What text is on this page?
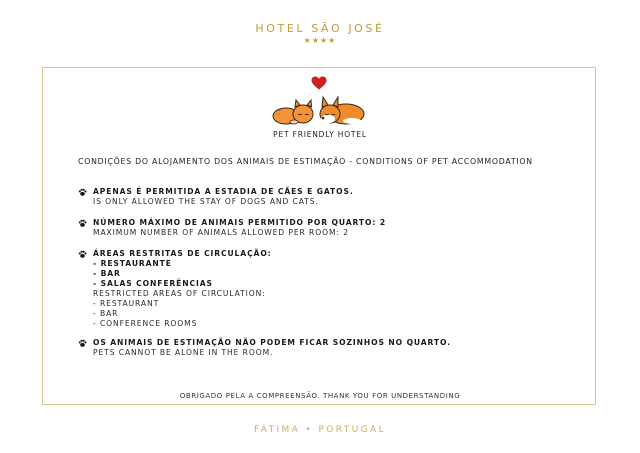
HOTEL SÃO JOSÉ
★★★★
PET FRIENDLY HOTEL
CONDIÇÕES DO ALOJAMENTO DOS ANIMAIS DE ESTIMAÇÃO - CONDITIONS OF PET ACCOMMODATION
APENAS É PERMITIDA A ESTADIA DE CÃES E GATOS.
IS ONLY ALLOWED THE STAY OF DOGS AND CATS.
NÚMERO MÁXIMO DE ANIMAIS PERMITIDO POR QUARTO: 2
MAXIMUM NUMBER OF ANIMALS ALLOWED PER ROOM: 2
ÁREAS RESTRITAS DE CIRCULAÇÃO:
- RESTAURANTE
- BAR
- SALAS CONFERÊNCIAS
RESTRICTED AREAS OF CIRCULATION:
- RESTAURANT
- BAR
- CONFERENCE ROOMS
OS ANIMAIS DE ESTIMAÇÃO NÃO PODEM FICAR SOZINHOS NO QUARTO.
PETS CANNOT BE ALONE IN THE ROOM.
OBRIGADO PELA A COMPREENSÃO. THANK YOU FOR UNDERSTANDING
FÁTIMA • PORTUGAL
